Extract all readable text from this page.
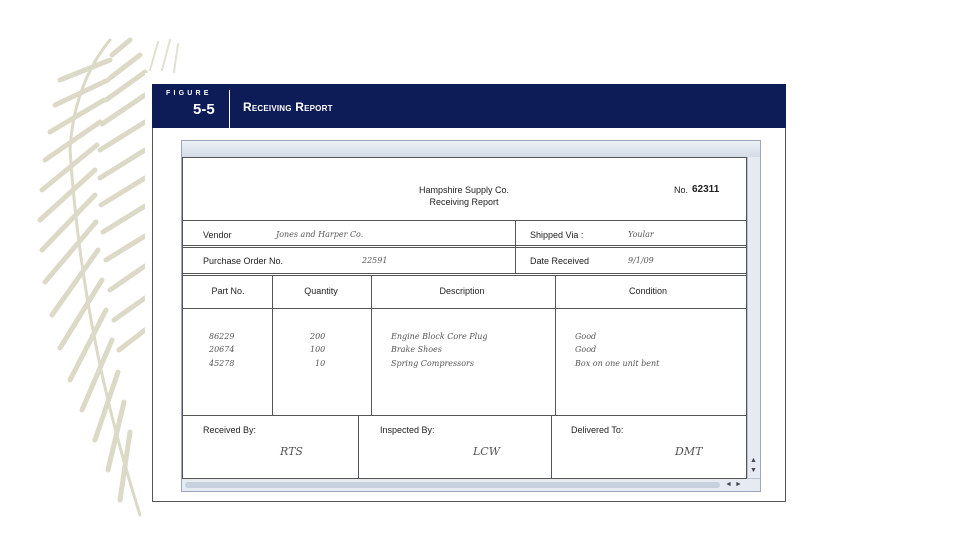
FIGURE
5-5 Receiving Report
▲
▼
◄ ►
Hampshire Supply Co.
Receiving Report
No. 62311
Vendor	Jones and Harper Co.	Shipped Via :	Yoular
Purchase Order No.	22591	Date Received	9/1/09
Part No.	Quantity	Description	Condition
86229	200	Engine Block Core Plug	Good
20674	100	Brake Shoes	Good
45278	10	Spring Compressors	Box on one unit bent
Received By:
RTS
Inspected By:
LCW
Delivered To:
DMT
